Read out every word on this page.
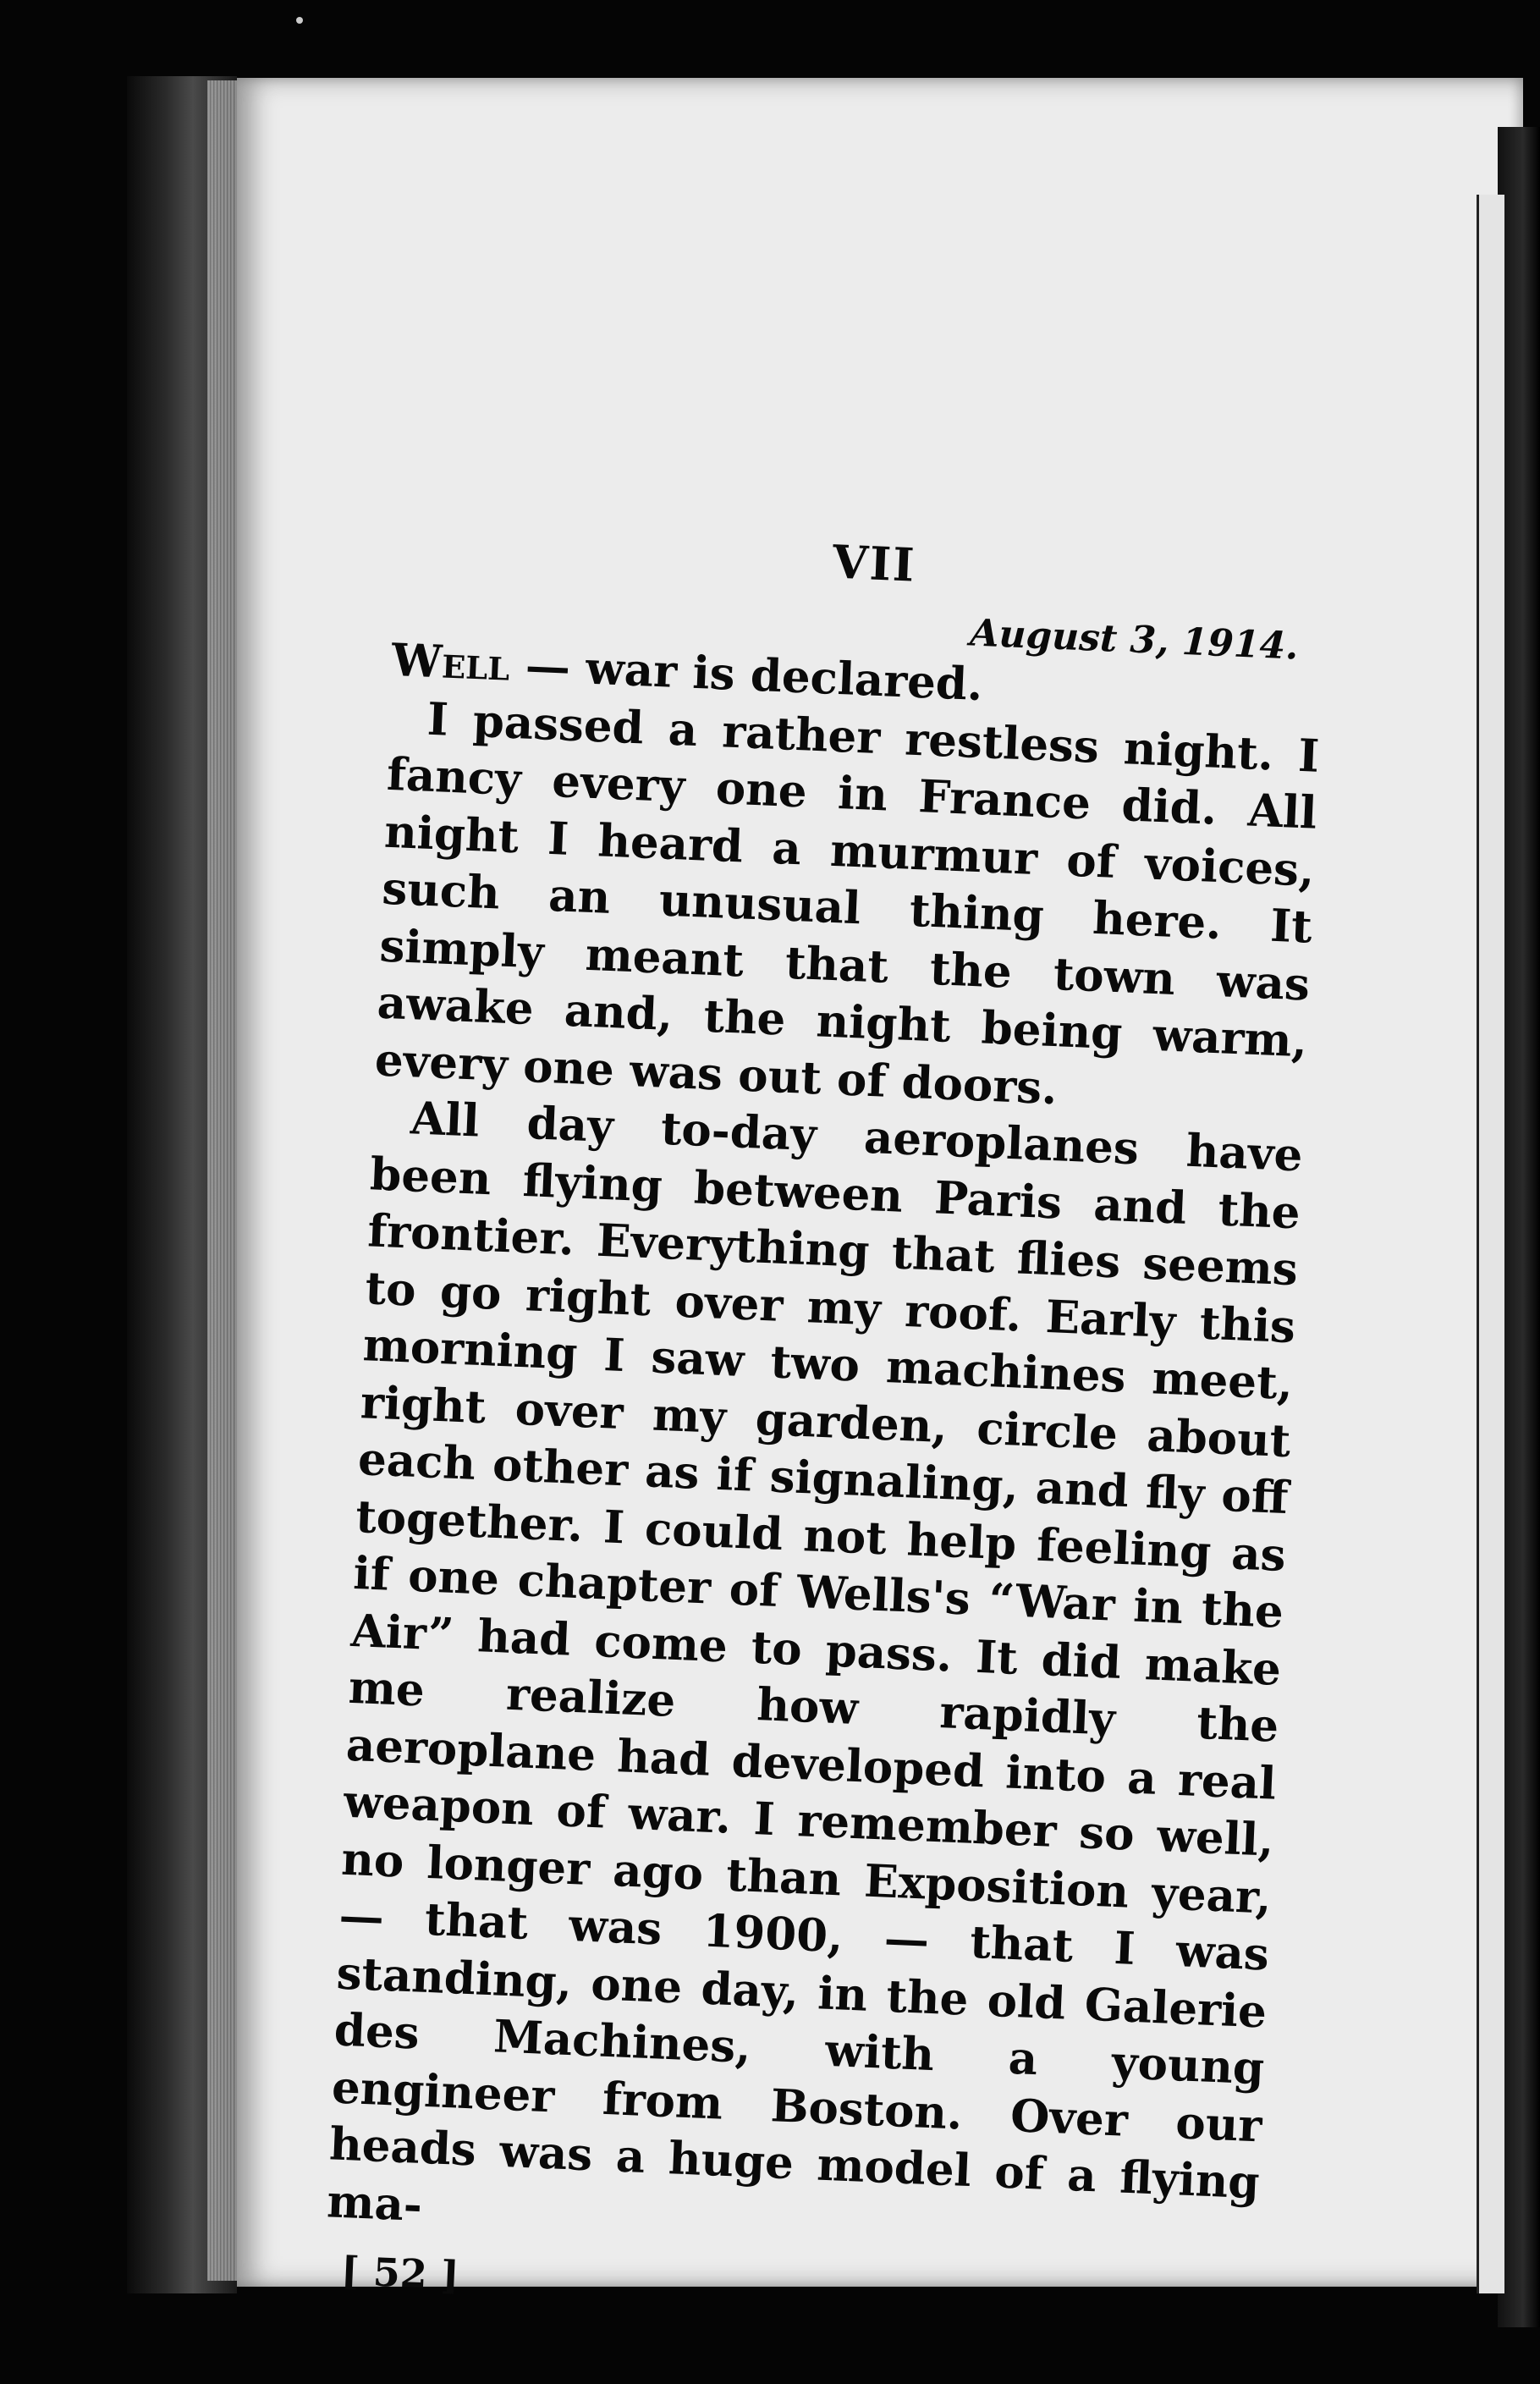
VII
August 3, 1914.

Well — war is declared.

I passed a rather restless night. I fancy every one in France did. All night I heard a murmur of voices, such an unusual thing here. It simply meant that the town was awake and, the night being warm, every one was out of doors.

All day to-day aeroplanes have been flying between Paris and the frontier. Everything that flies seems to go right over my roof. Early this morning I saw two machines meet, right over my garden, circle about each other as if signaling, and fly off together. I could not help feeling as if one chapter of Wells's “War in the Air” had come to pass. It did make me realize how rapidly the aeroplane had developed into a real weapon of war. I remember so well, no longer ago than Exposition year, — that was 1900, — that I was standing, one day, in the old Galerie des Machines, with a young engineer from Boston. Over our heads was a huge model of a flying ma-

[ 52 ]
